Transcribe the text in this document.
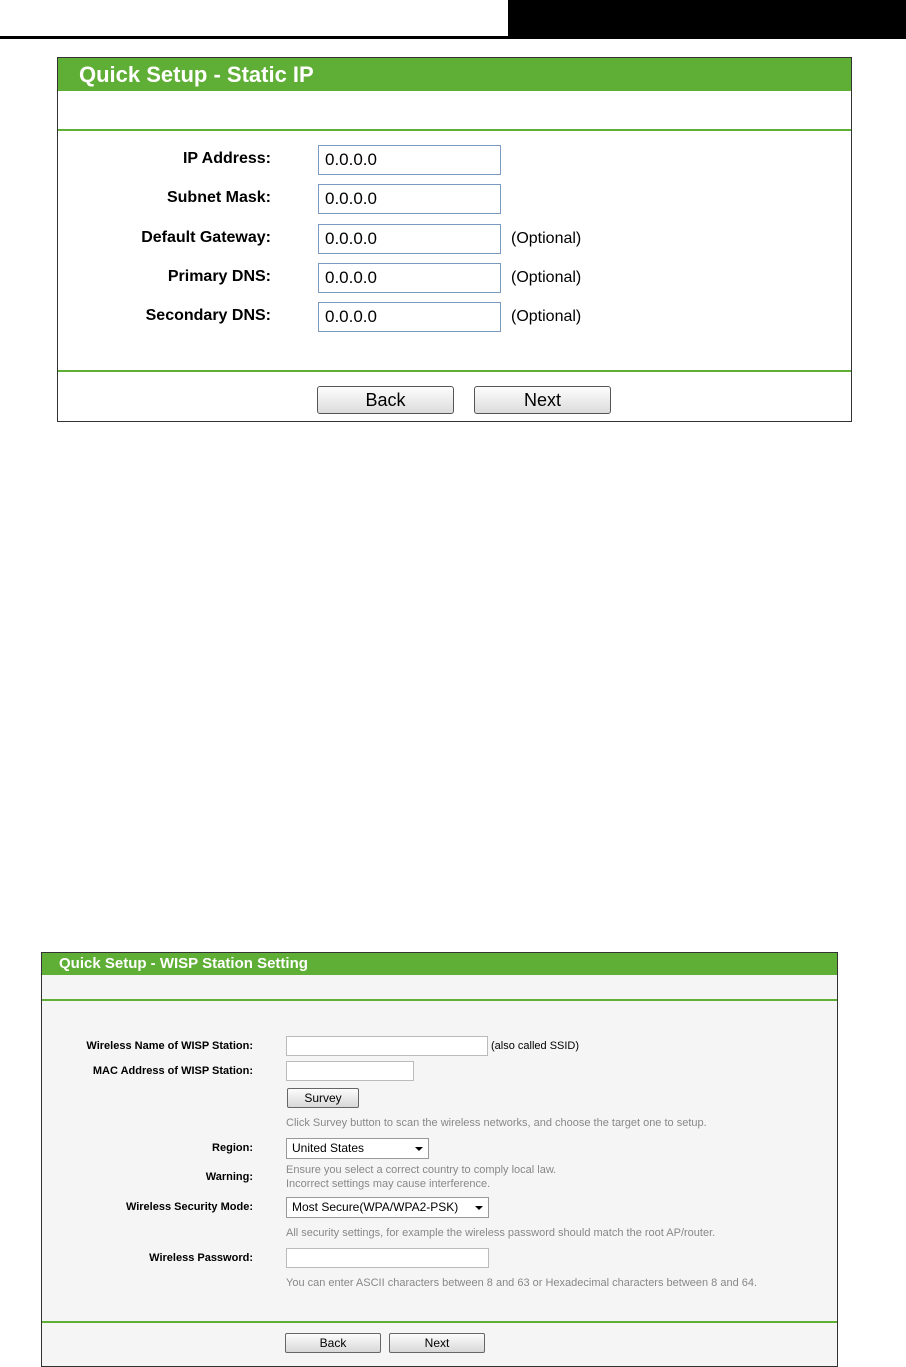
Quick Setup - Static IP
IP Address:
0.0.0.0
Subnet Mask:
0.0.0.0
Default Gateway:
0.0.0.0	(Optional)
Primary DNS:
0.0.0.0	(Optional)
Secondary DNS:
0.0.0.0	(Optional)
Back	Next
Quick Setup - WISP Station Setting
Wireless Name of WISP Station:	(also called SSID)
MAC Address of WISP Station:
Survey
Click Survey button to scan the wireless networks, and choose the target one to setup.
Region:	United States
Warning:
Ensure you select a correct country to comply local law.
Incorrect settings may cause interference.
Wireless Security Mode:	Most Secure(WPA/WPA2-PSK)
All security settings, for example the wireless password should match the root AP/router.
Wireless Password:
You can enter ASCII characters between 8 and 63 or Hexadecimal characters between 8 and 64.
Back	Next
